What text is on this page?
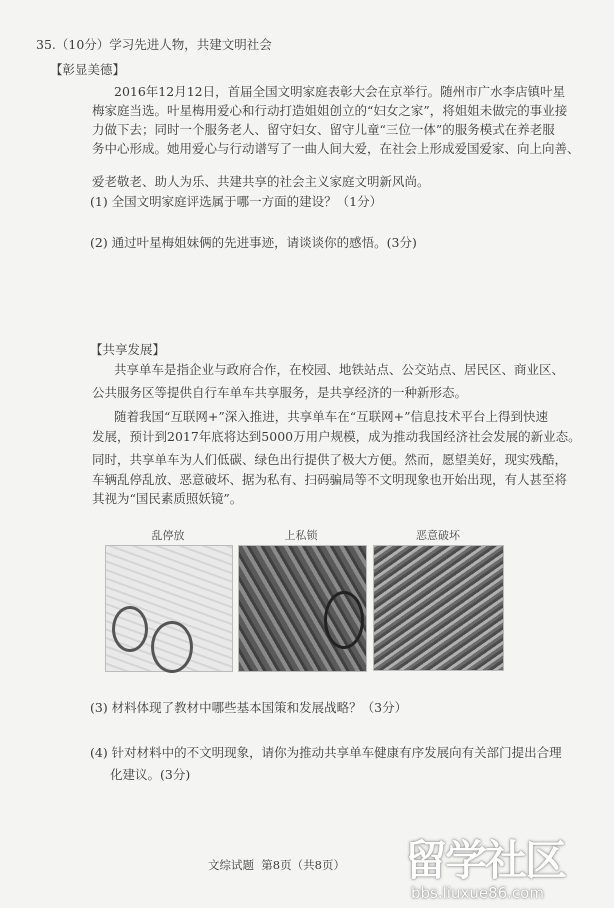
35.（10分）学习先进人物，共建文明社会
【彰显美德】
2016年12月12日，首届全国文明家庭表彰大会在京举行。随州市广水李店镇叶星
梅家庭当选。叶星梅用爱心和行动打造姐姐创立的“妇女之家”，将姐姐未做完的事业接
力做下去；同时一个服务老人、留守妇女、留守儿童“三位一体”的服务模式在养老服
务中心形成。她用爱心与行动谱写了一曲人间大爱，在社会上形成爱国爱家、向上向善、
爱老敬老、助人为乐、共建共享的社会主义家庭文明新风尚。
(1) 全国文明家庭评选属于哪一方面的建设？（1分）
(2) 通过叶星梅姐妹俩的先进事迹，请谈谈你的感悟。(3分)
【共享发展】
共享单车是指企业与政府合作，在校园、地铁站点、公交站点、居民区、商业区、
公共服务区等提供自行车单车共享服务，是共享经济的一种新形态。
随着我国“互联网+”深入推进，共享单车在“互联网+”信息技术平台上得到快速
发展，预计到2017年底将达到5000万用户规模，成为推动我国经济社会发展的新业态。
同时，共享单车为人们低碳、绿色出行提供了极大方便。然而，愿望美好，现实残酷，
车辆乱停乱放、恶意破坏、据为私有、扫码骗局等不文明现象也开始出现，有人甚至将
其视为“国民素质照妖镜”。
乱停放	上私锁	恶意破坏
(3) 材料体现了教材中哪些基本国策和发展战略？（3分）
(4) 针对材料中的不文明现象，请你为推动共享单车健康有序发展向有关部门提出合理
化建议。(3分)
文综试题  第8页（共8页） 留学社区
bbs.liuxue86.com
